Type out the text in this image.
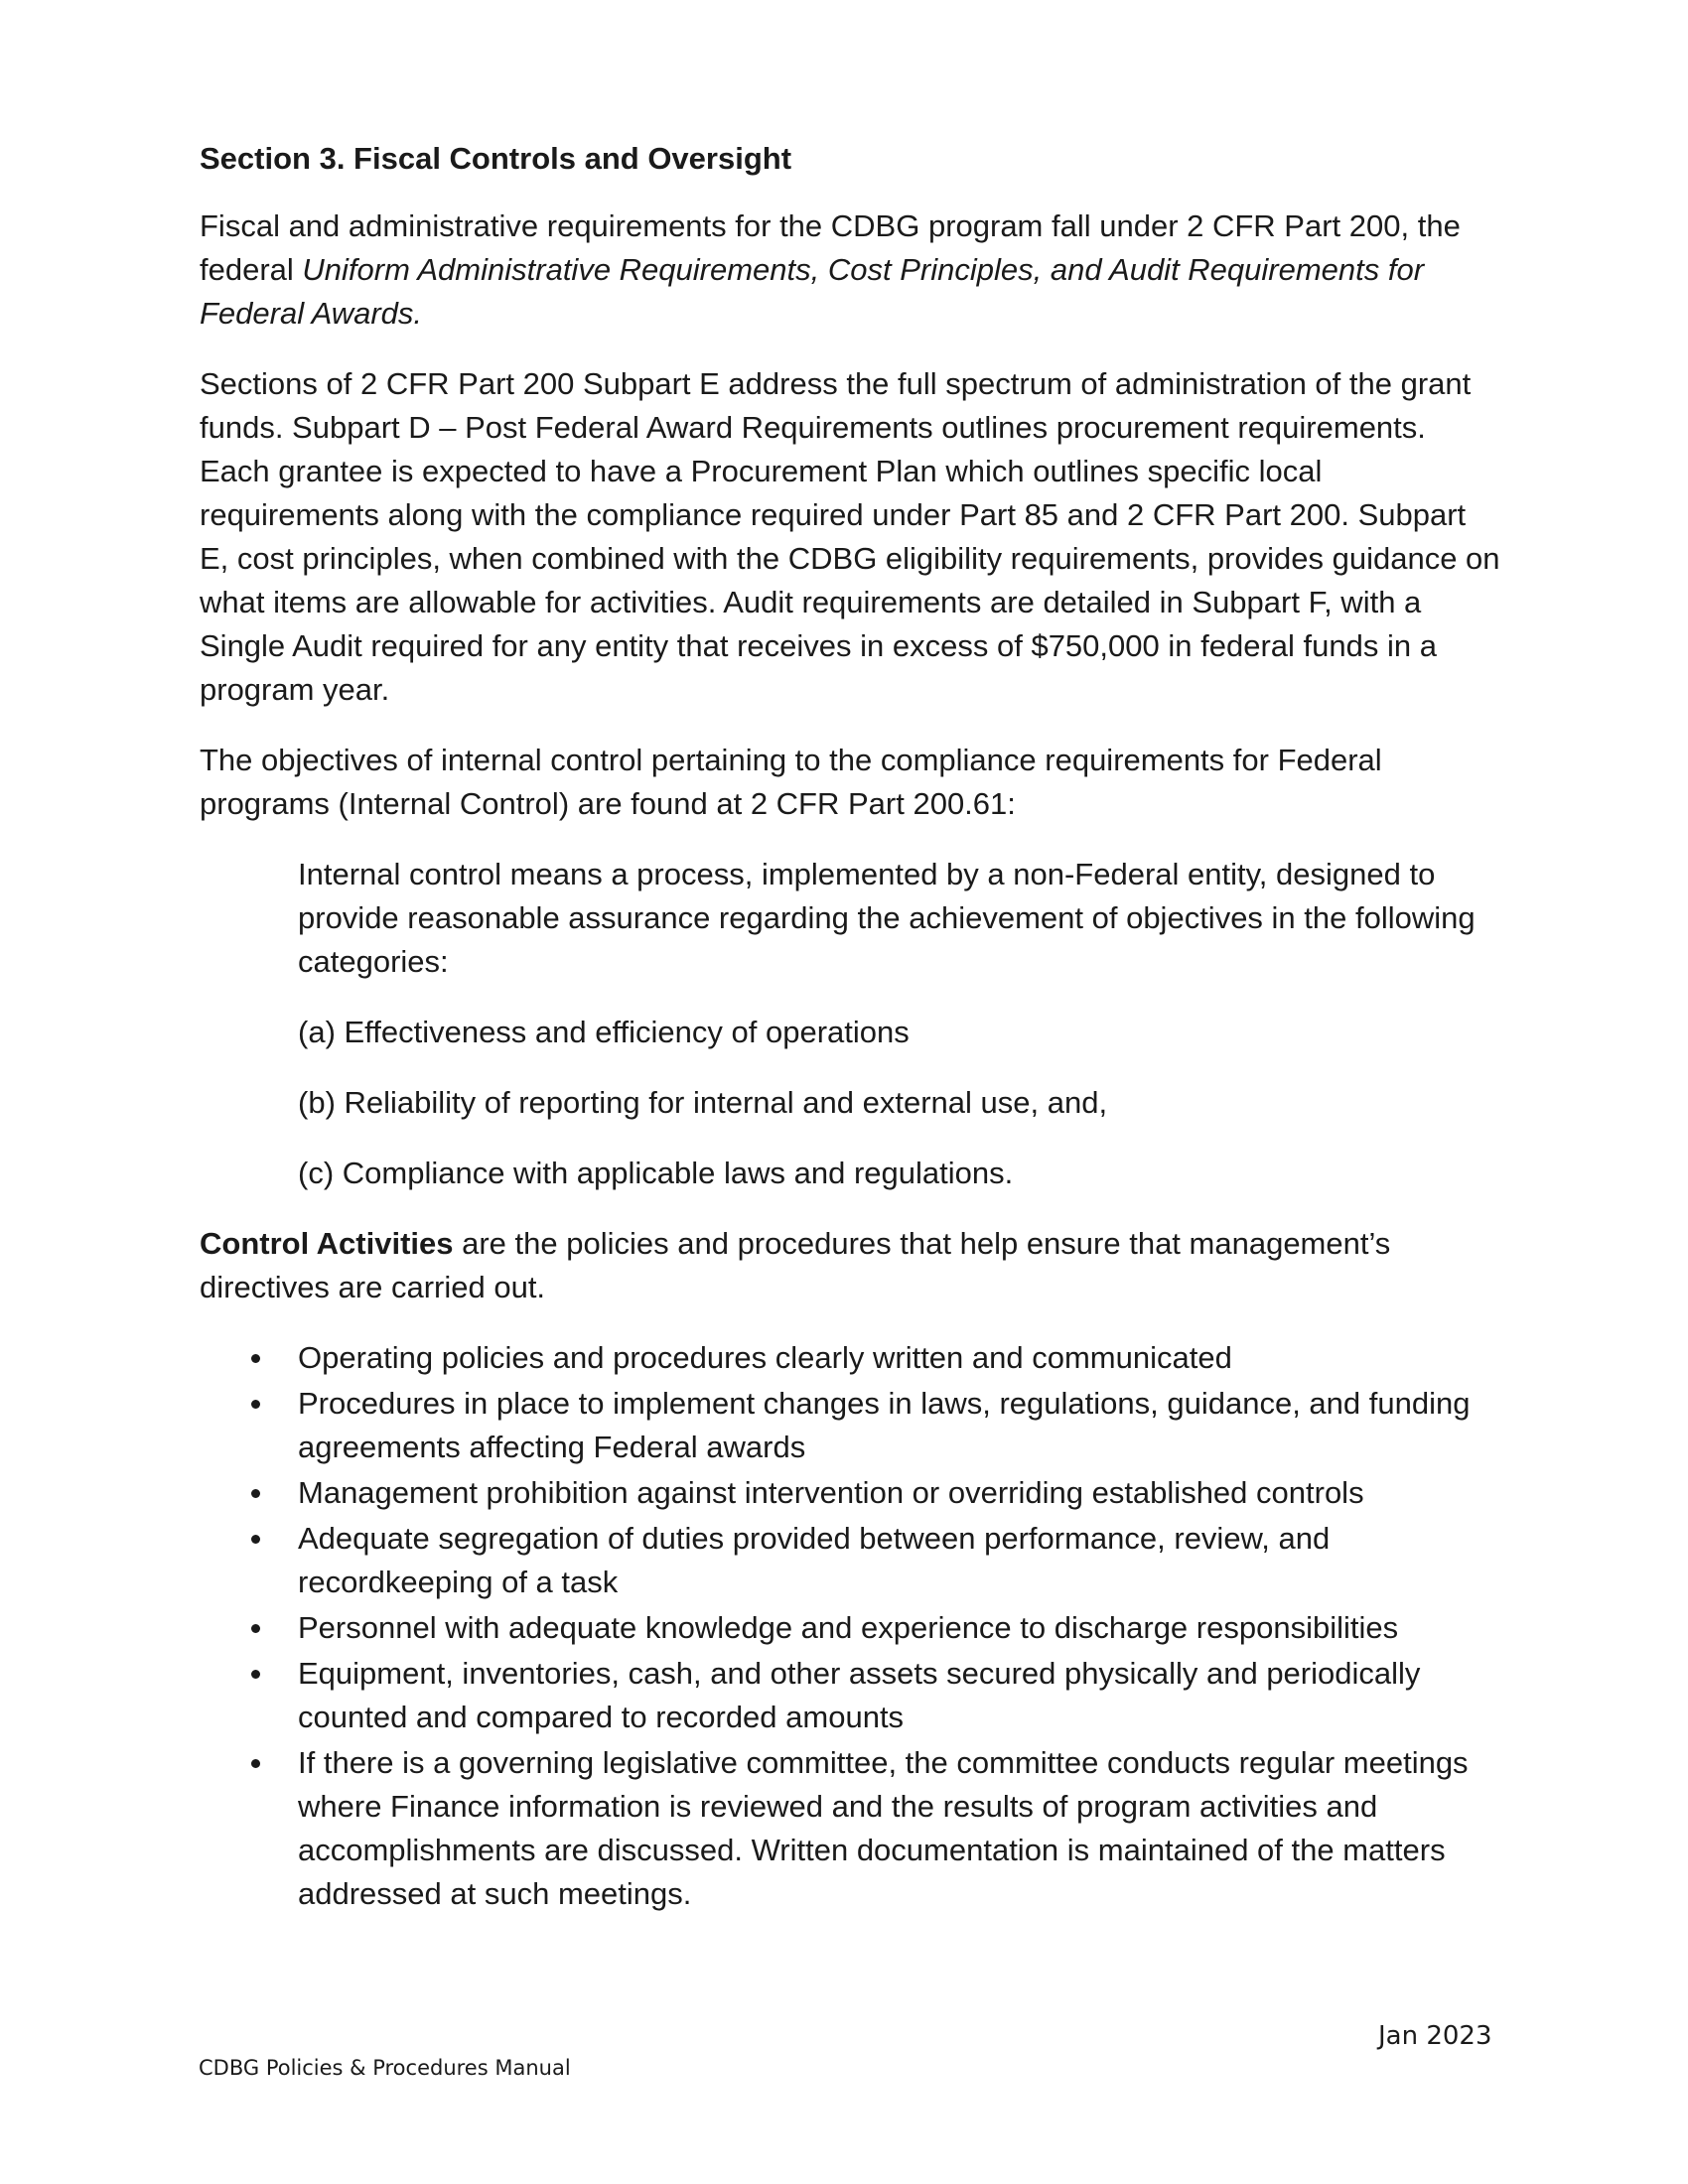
Section 3. Fiscal Controls and Oversight

Fiscal and administrative requirements for the CDBG program fall under 2 CFR Part 200, the federal Uniform Administrative Requirements, Cost Principles, and Audit Requirements for Federal Awards.

Sections of 2 CFR Part 200 Subpart E address the full spectrum of administration of the grant funds. Subpart D – Post Federal Award Requirements outlines procurement requirements. Each grantee is expected to have a Procurement Plan which outlines specific local requirements along with the compliance required under Part 85 and 2 CFR Part 200. Subpart E, cost principles, when combined with the CDBG eligibility requirements, provides guidance on what items are allowable for activities. Audit requirements are detailed in Subpart F, with a Single Audit required for any entity that receives in excess of $750,000 in federal funds in a program year.

The objectives of internal control pertaining to the compliance requirements for Federal programs (Internal Control) are found at 2 CFR Part 200.61:

Internal control means a process, implemented by a non-Federal entity, designed to provide reasonable assurance regarding the achievement of objectives in the following categories:

(a) Effectiveness and efficiency of operations

(b) Reliability of reporting for internal and external use, and,

(c) Compliance with applicable laws and regulations.

Control Activities are the policies and procedures that help ensure that management’s directives are carried out.

Operating policies and procedures clearly written and communicated
Procedures in place to implement changes in laws, regulations, guidance, and funding agreements affecting Federal awards
Management prohibition against intervention or overriding established controls
Adequate segregation of duties provided between performance, review, and recordkeeping of a task
Personnel with adequate knowledge and experience to discharge responsibilities
Equipment, inventories, cash, and other assets secured physically and periodically counted and compared to recorded amounts
If there is a governing legislative committee, the committee conducts regular meetings where Finance information is reviewed and the results of program activities and accomplishments are discussed. Written documentation is maintained of the matters addressed at such meetings.
Jan 2023
CDBG Policies & Procedures Manual
